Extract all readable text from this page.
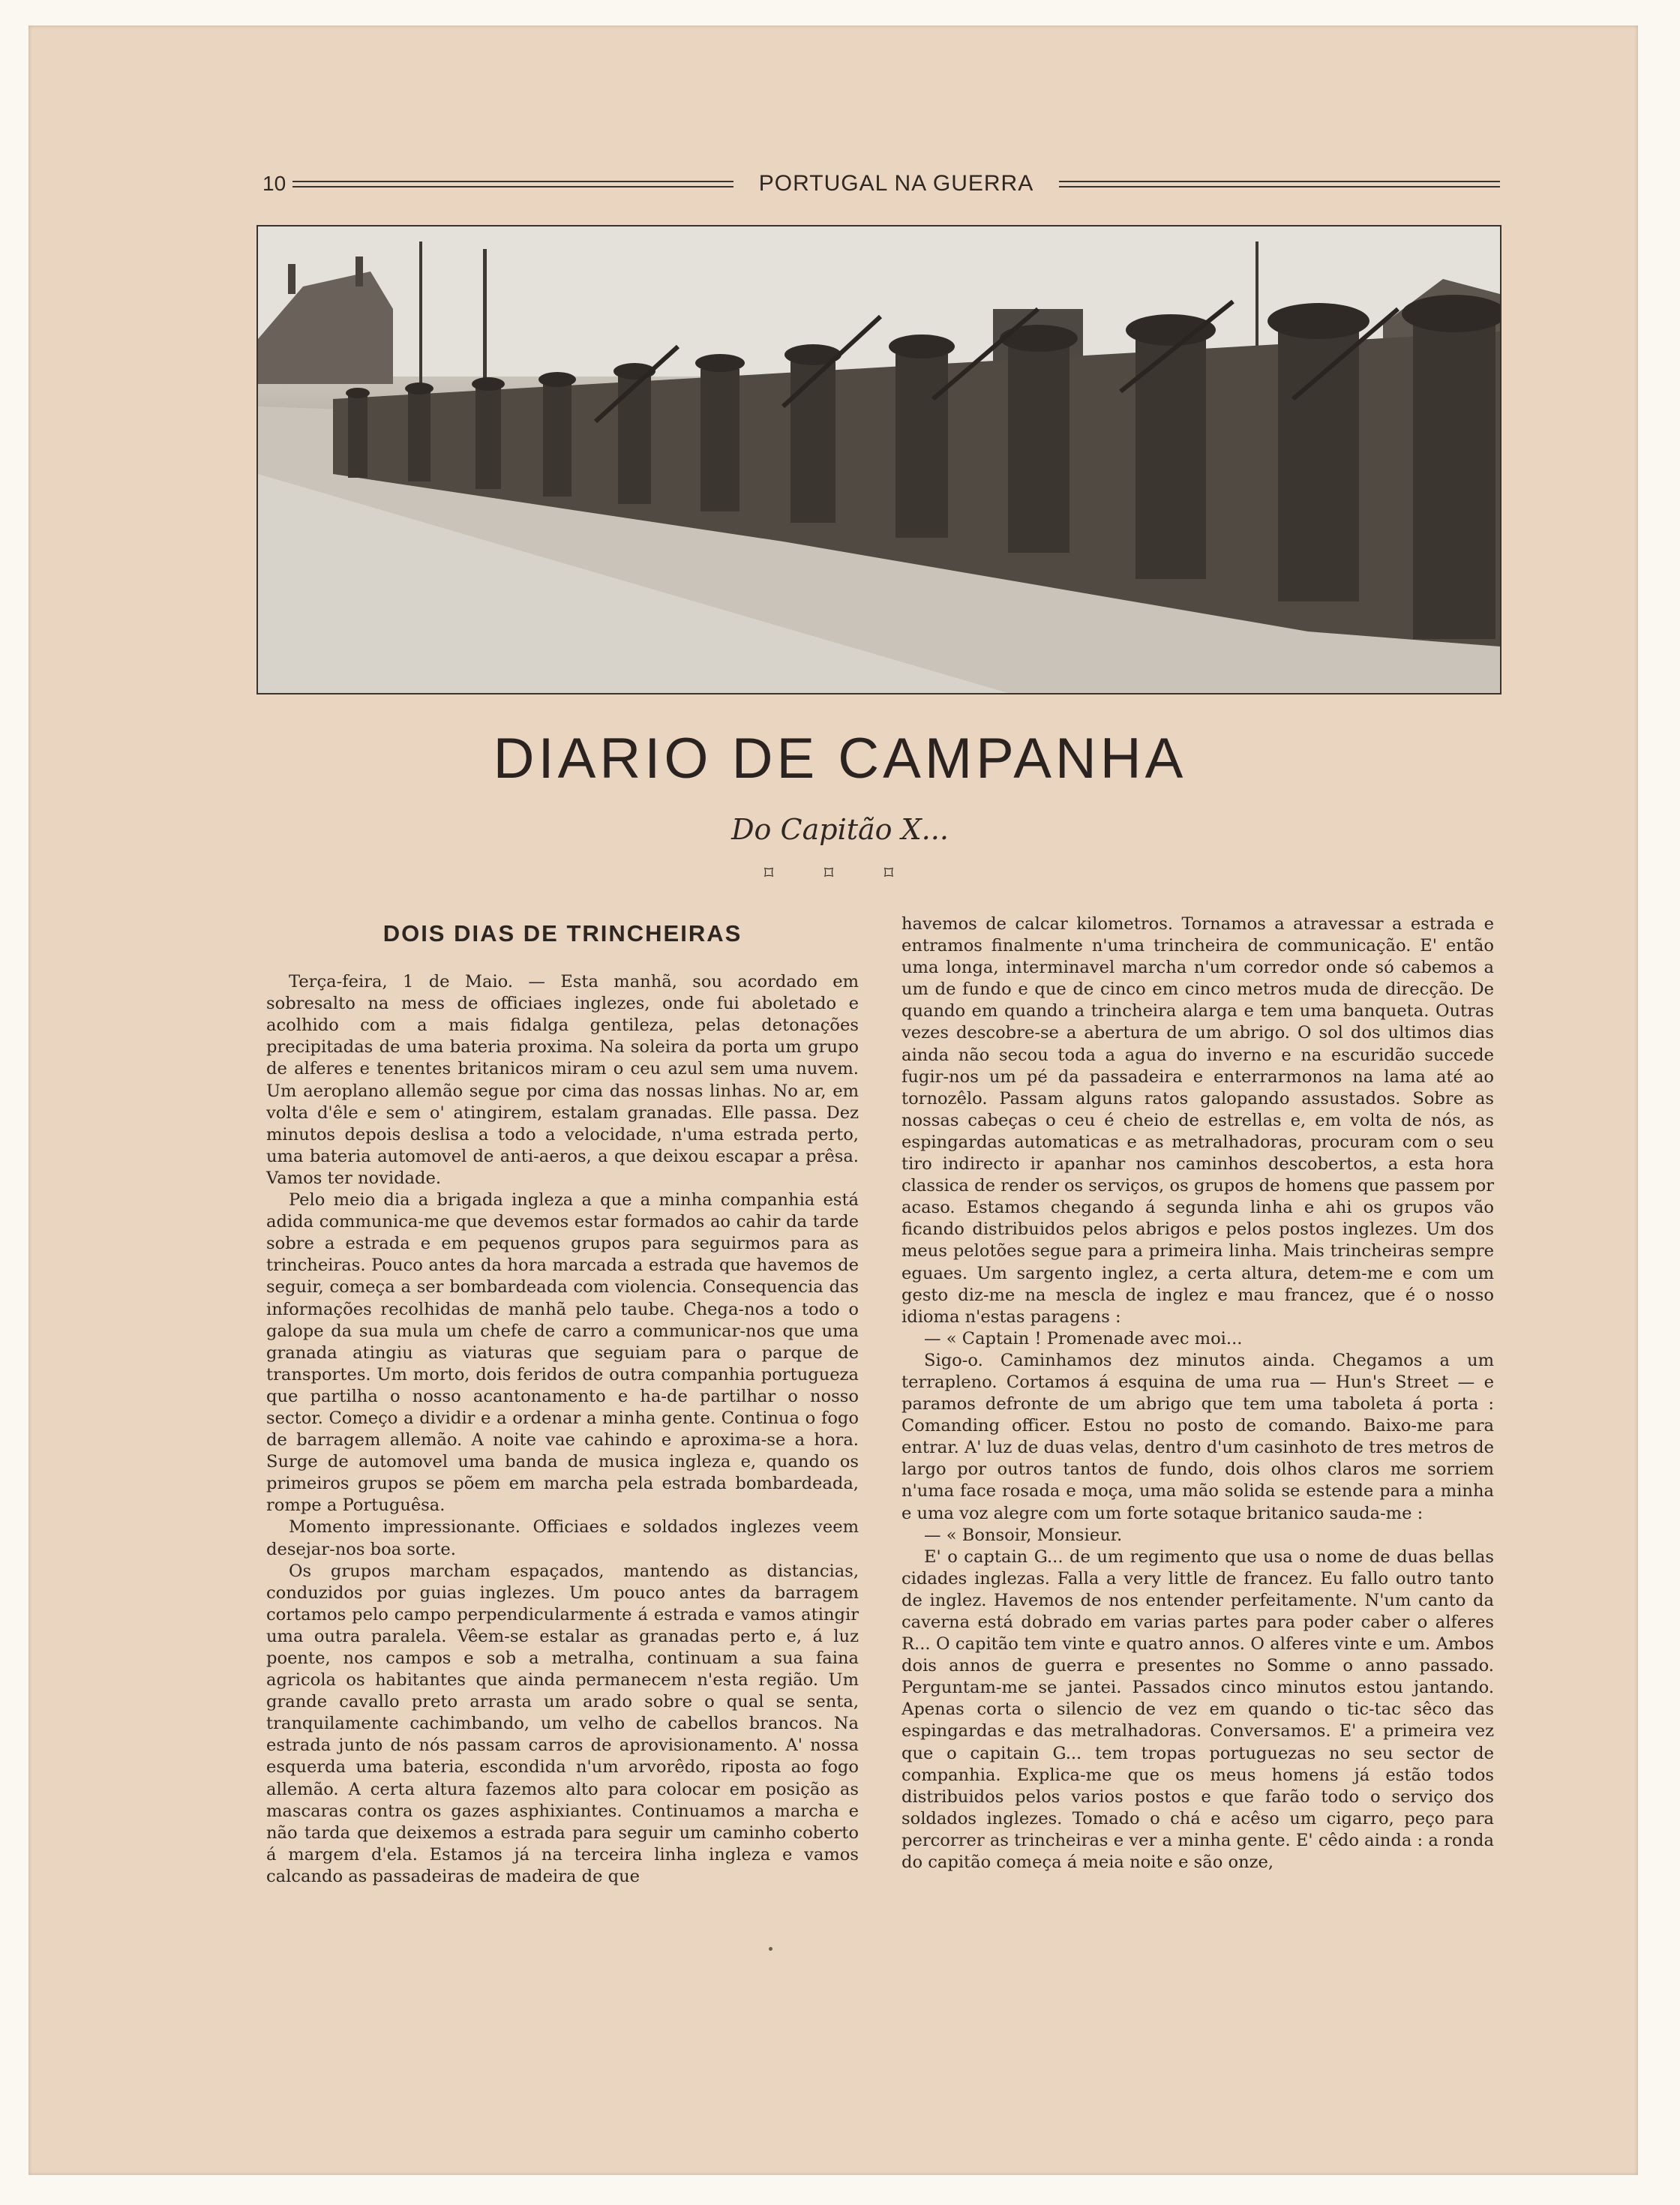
10	PORTUGAL NA GUERRA
DIARIO DE CAMPANHA
Do Capitão X...
⌑ ⌑ ⌑
DOIS DIAS DE TRINCHEIRAS

Terça-feira, 1 de Maio. — Esta manhã, sou acordado em sobresalto na mess de officiaes inglezes, onde fui aboletado e acolhido com a mais fidalga gentileza, pelas detonações precipitadas de uma bateria proxima. Na soleira da porta um grupo de alferes e tenentes britanicos miram o ceu azul sem uma nuvem. Um aeroplano allemão segue por cima das nossas linhas. No ar, em volta d'êle e sem o' atingirem, estalam granadas. Elle passa. Dez minutos depois deslisa a todo a velocidade, n'uma estrada perto, uma bateria automovel de anti-aeros, a que deixou escapar a prêsa. Vamos ter novidade.

Pelo meio dia a brigada ingleza a que a minha companhia está adida communica-me que devemos estar formados ao cahir da tarde sobre a estrada e em pequenos grupos para seguirmos para as trincheiras. Pouco antes da hora marcada a estrada que havemos de seguir, começa a ser bombardeada com violencia. Consequencia das informações recolhidas de manhã pelo taube. Chega-nos a todo o galope da sua mula um chefe de carro a communicar-nos que uma granada atingiu as viaturas que seguiam para o parque de transportes. Um morto, dois feridos de outra companhia portugueza que partilha o nosso acantonamento e ha-de partilhar o nosso sector. Começo a dividir e a ordenar a minha gente. Continua o fogo de barragem allemão. A noite vae cahindo e aproxima-se a hora. Surge de automovel uma banda de musica ingleza e, quando os primeiros grupos se põem em marcha pela estrada bombardeada, rompe a Portuguêsa.

Momento impressionante. Officiaes e soldados inglezes veem desejar-nos boa sorte.

Os grupos marcham espaçados, mantendo as distancias, conduzidos por guias inglezes. Um pouco antes da barragem cortamos pelo campo perpendicularmente á estrada e vamos atingir uma outra paralela. Vêem-se estalar as granadas perto e, á luz poente, nos campos e sob a metralha, continuam a sua faina agricola os habitantes que ainda permanecem n'esta região. Um grande cavallo preto arrasta um arado sobre o qual se senta, tranquilamente cachimbando, um velho de cabellos brancos. Na estrada junto de nós passam carros de aprovisionamento. A' nossa esquerda uma bateria, escondida n'um arvorêdo, riposta ao fogo allemão. A certa altura fazemos alto para colocar em posição as mascaras contra os gazes asphixiantes. Continuamos a marcha e não tarda que deixemos a estrada para seguir um caminho coberto á margem d'ela. Estamos já na terceira linha ingleza e vamos calcando as passadeiras de madeira de que

havemos de calcar kilometros. Tornamos a atravessar a estrada e entramos finalmente n'uma trincheira de communicação. E' então uma longa, interminavel marcha n'um corredor onde só cabemos a um de fundo e que de cinco em cinco metros muda de direcção. De quando em quando a trincheira alarga e tem uma banqueta. Outras vezes descobre-se a abertura de um abrigo. O sol dos ultimos dias ainda não secou toda a agua do inverno e na escuridão succede fugir-nos um pé da passadeira e enterrarmonos na lama até ao tornozêlo. Passam alguns ratos galopando assustados. Sobre as nossas cabeças o ceu é cheio de estrellas e, em volta de nós, as espingardas automaticas e as metralhadoras, procuram com o seu tiro indirecto ir apanhar nos caminhos descobertos, a esta hora classica de render os serviços, os grupos de homens que passem por acaso. Estamos chegando á segunda linha e ahi os grupos vão ficando distribuidos pelos abrigos e pelos postos inglezes. Um dos meus pelotões segue para a primeira linha. Mais trincheiras sempre eguaes. Um sargento inglez, a certa altura, detem-me e com um gesto diz-me na mescla de inglez e mau francez, que é o nosso idioma n'estas paragens :

— « Captain ! Promenade avec moi...

Sigo-o. Caminhamos dez minutos ainda. Chegamos a um terrapleno. Cortamos á esquina de uma rua — Hun's Street — e paramos defronte de um abrigo que tem uma taboleta á porta : Comanding officer. Estou no posto de comando. Baixo-me para entrar. A' luz de duas velas, dentro d'um casinhoto de tres metros de largo por outros tantos de fundo, dois olhos claros me sorriem n'uma face rosada e moça, uma mão solida se estende para a minha e uma voz alegre com um forte sotaque britanico sauda-me :

— « Bonsoir, Monsieur.

E' o captain G... de um regimento que usa o nome de duas bellas cidades inglezas. Falla a very little de francez. Eu fallo outro tanto de inglez. Havemos de nos entender perfeitamente. N'um canto da caverna está dobrado em varias partes para poder caber o alferes R... O capitão tem vinte e quatro annos. O alferes vinte e um. Ambos dois annos de guerra e presentes no Somme o anno passado. Perguntam-me se jantei. Passados cinco minutos estou jantando. Apenas corta o silencio de vez em quando o tic-tac sêco das espingardas e das metralhadoras. Conversamos. E' a primeira vez que o capitain G... tem tropas portuguezas no seu sector de companhia. Explica-me que os meus homens já estão todos distribuidos pelos varios postos e que farão todo o serviço dos soldados inglezes. Tomado o chá e acêso um cigarro, peço para percorrer as trincheiras e ver a minha gente. E' cêdo ainda : a ronda do capitão começa á meia noite e são onze,
